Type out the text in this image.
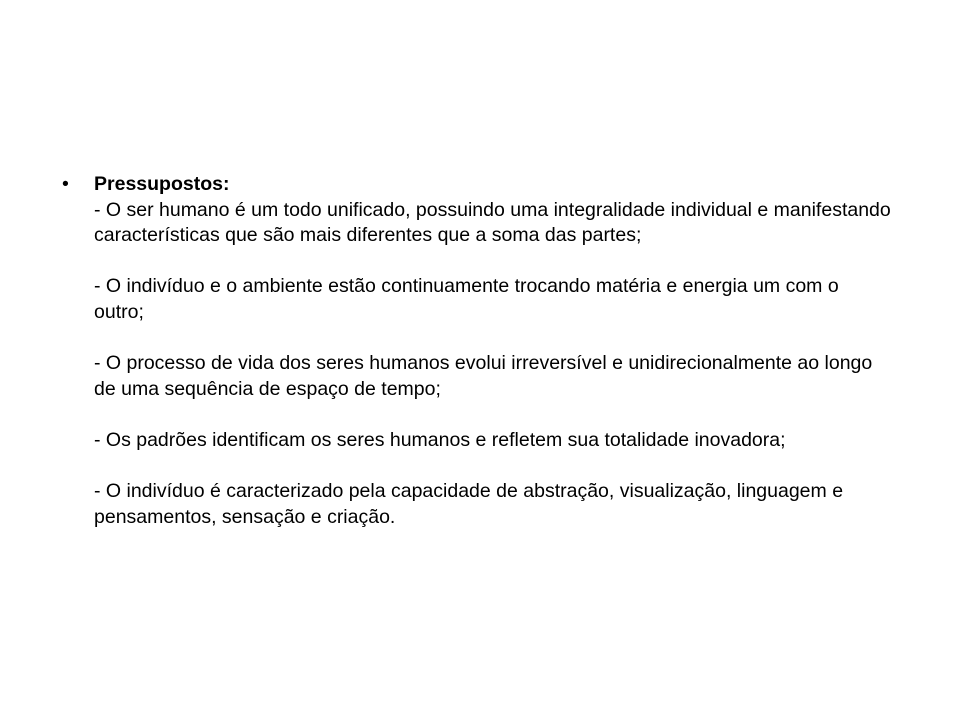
•	Pressupostos:
- O ser humano é um todo unificado, possuindo uma integralidade individual e manifestando características que são mais diferentes que a soma das partes;
- O indivíduo e o ambiente estão continuamente trocando matéria e energia um com o outro;
- O processo de vida dos seres humanos evolui irreversível e unidirecionalmente ao longo de uma sequência de espaço de tempo;
- Os padrões identificam os seres humanos e refletem sua totalidade inovadora;
- O indivíduo é caracterizado pela capacidade de abstração, visualização, linguagem e pensamentos, sensação e criação.
